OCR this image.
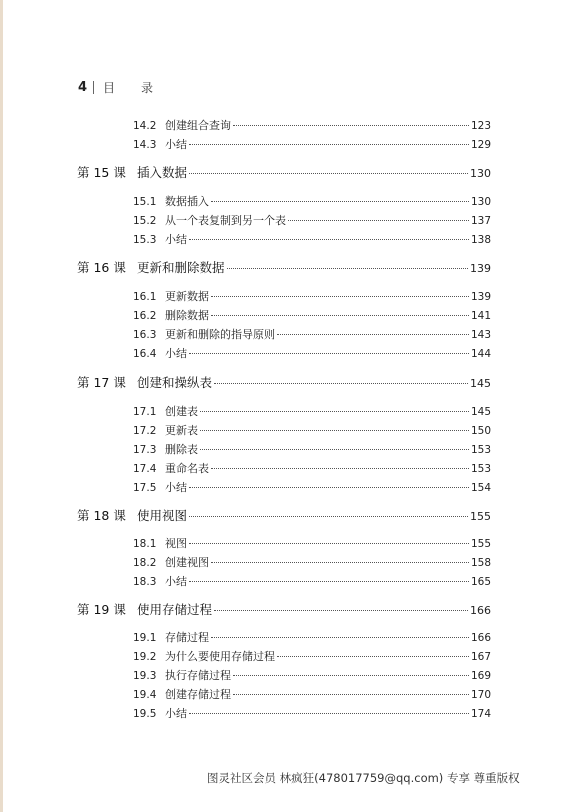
4 目录
14.2 创建组合查询	123
14.3 小结	129
第 15 课 插入数据	130
15.1 数据插入	130
15.2 从一个表复制到另一个表	137
15.3 小结	138
第 16 课 更新和删除数据	139
16.1 更新数据	139
16.2 删除数据	141
16.3 更新和删除的指导原则	143
16.4 小结	144
第 17 课 创建和操纵表	145
17.1 创建表	145
17.2 更新表	150
17.3 删除表	153
17.4 重命名表	153
17.5 小结	154
第 18 课 使用视图	155
18.1 视图	155
18.2 创建视图	158
18.3 小结	165
第 19 课 使用存储过程	166
19.1 存储过程	166
19.2 为什么要使用存储过程	167
19.3 执行存储过程	169
19.4 创建存储过程	170
19.5 小结	174
图灵社区会员 林疯狂(478017759@qq.com) 专享 尊重版权
